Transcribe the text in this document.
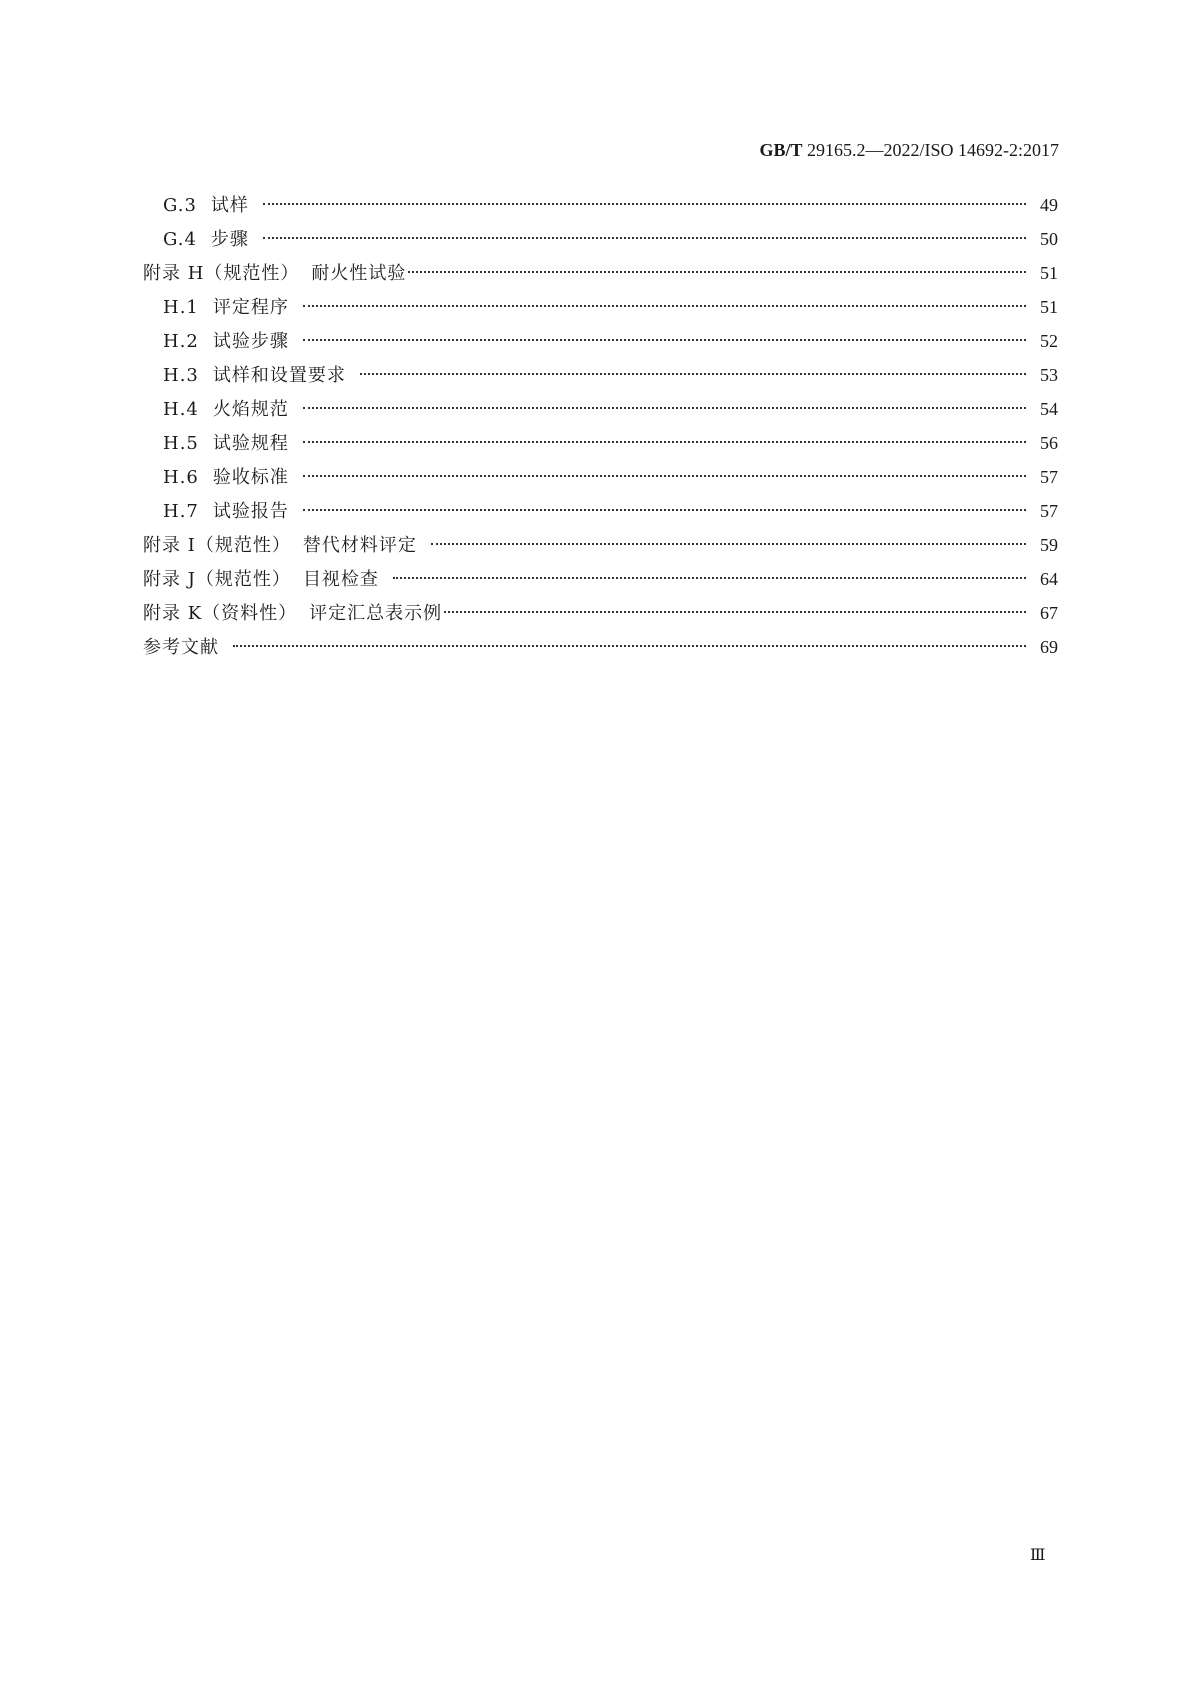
GB/T 29165.2—2022/ISO 14692-2:2017
G.3 试样	49
G.4 步骤	50
附录 H（规范性） 耐火性试验	51
H.1 评定程序	51
H.2 试验步骤	52
H.3 试样和设置要求	53
H.4 火焰规范	54
H.5 试验规程	56
H.6 验收标准	57
H.7 试验报告	57
附录 I（规范性） 替代材料评定	59
附录 J（规范性） 目视检查	64
附录 K（资料性） 评定汇总表示例	67
参考文献	69
Ⅲ
